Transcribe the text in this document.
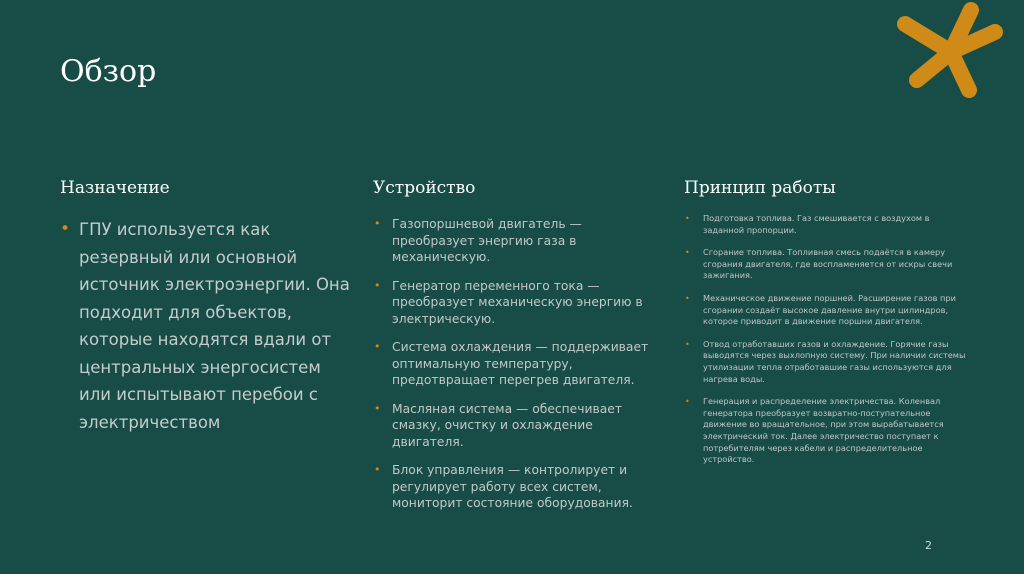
Обзор
Назначение
• ГПУ используется как резервный или основной источник электроэнергии. Она подходит для объектов, которые находятся вдали от центральных энергосистем или испытывают перебои с электричеством
Устройство
• Газопоршневой двигатель — преобразует энергию газа в механическую.
• Генератор переменного тока — преобразует механическую энергию в электрическую.
• Система охлаждения — поддерживает оптимальную температуру, предотвращает перегрев двигателя.
• Масляная система — обеспечивает смазку, очистку и охлаждение двигателя.
• Блок управления — контролирует и регулирует работу всех систем, мониторит состояние оборудования.
Принцип работы
• Подготовка топлива. Газ смешивается с воздухом в заданной пропорции.
• Сгорание топлива. Топливная смесь подаётся в камеру сгорания двигателя, где воспламеняется от искры свечи зажигания.
• Механическое движение поршней. Расширение газов при сгорании создаёт высокое давление внутри цилиндров, которое приводит в движение поршни двигателя.
• Отвод отработавших газов и охлаждение. Горячие газы выводятся через выхлопную систему. При наличии системы утилизации тепла отработавшие газы используются для нагрева воды.
• Генерация и распределение электричества. Коленвал генератора преобразует возвратно-поступательное движение во вращательное, при этом вырабатывается электрический ток. Далее электричество поступает к потребителям через кабели и распределительное устройство.
2
